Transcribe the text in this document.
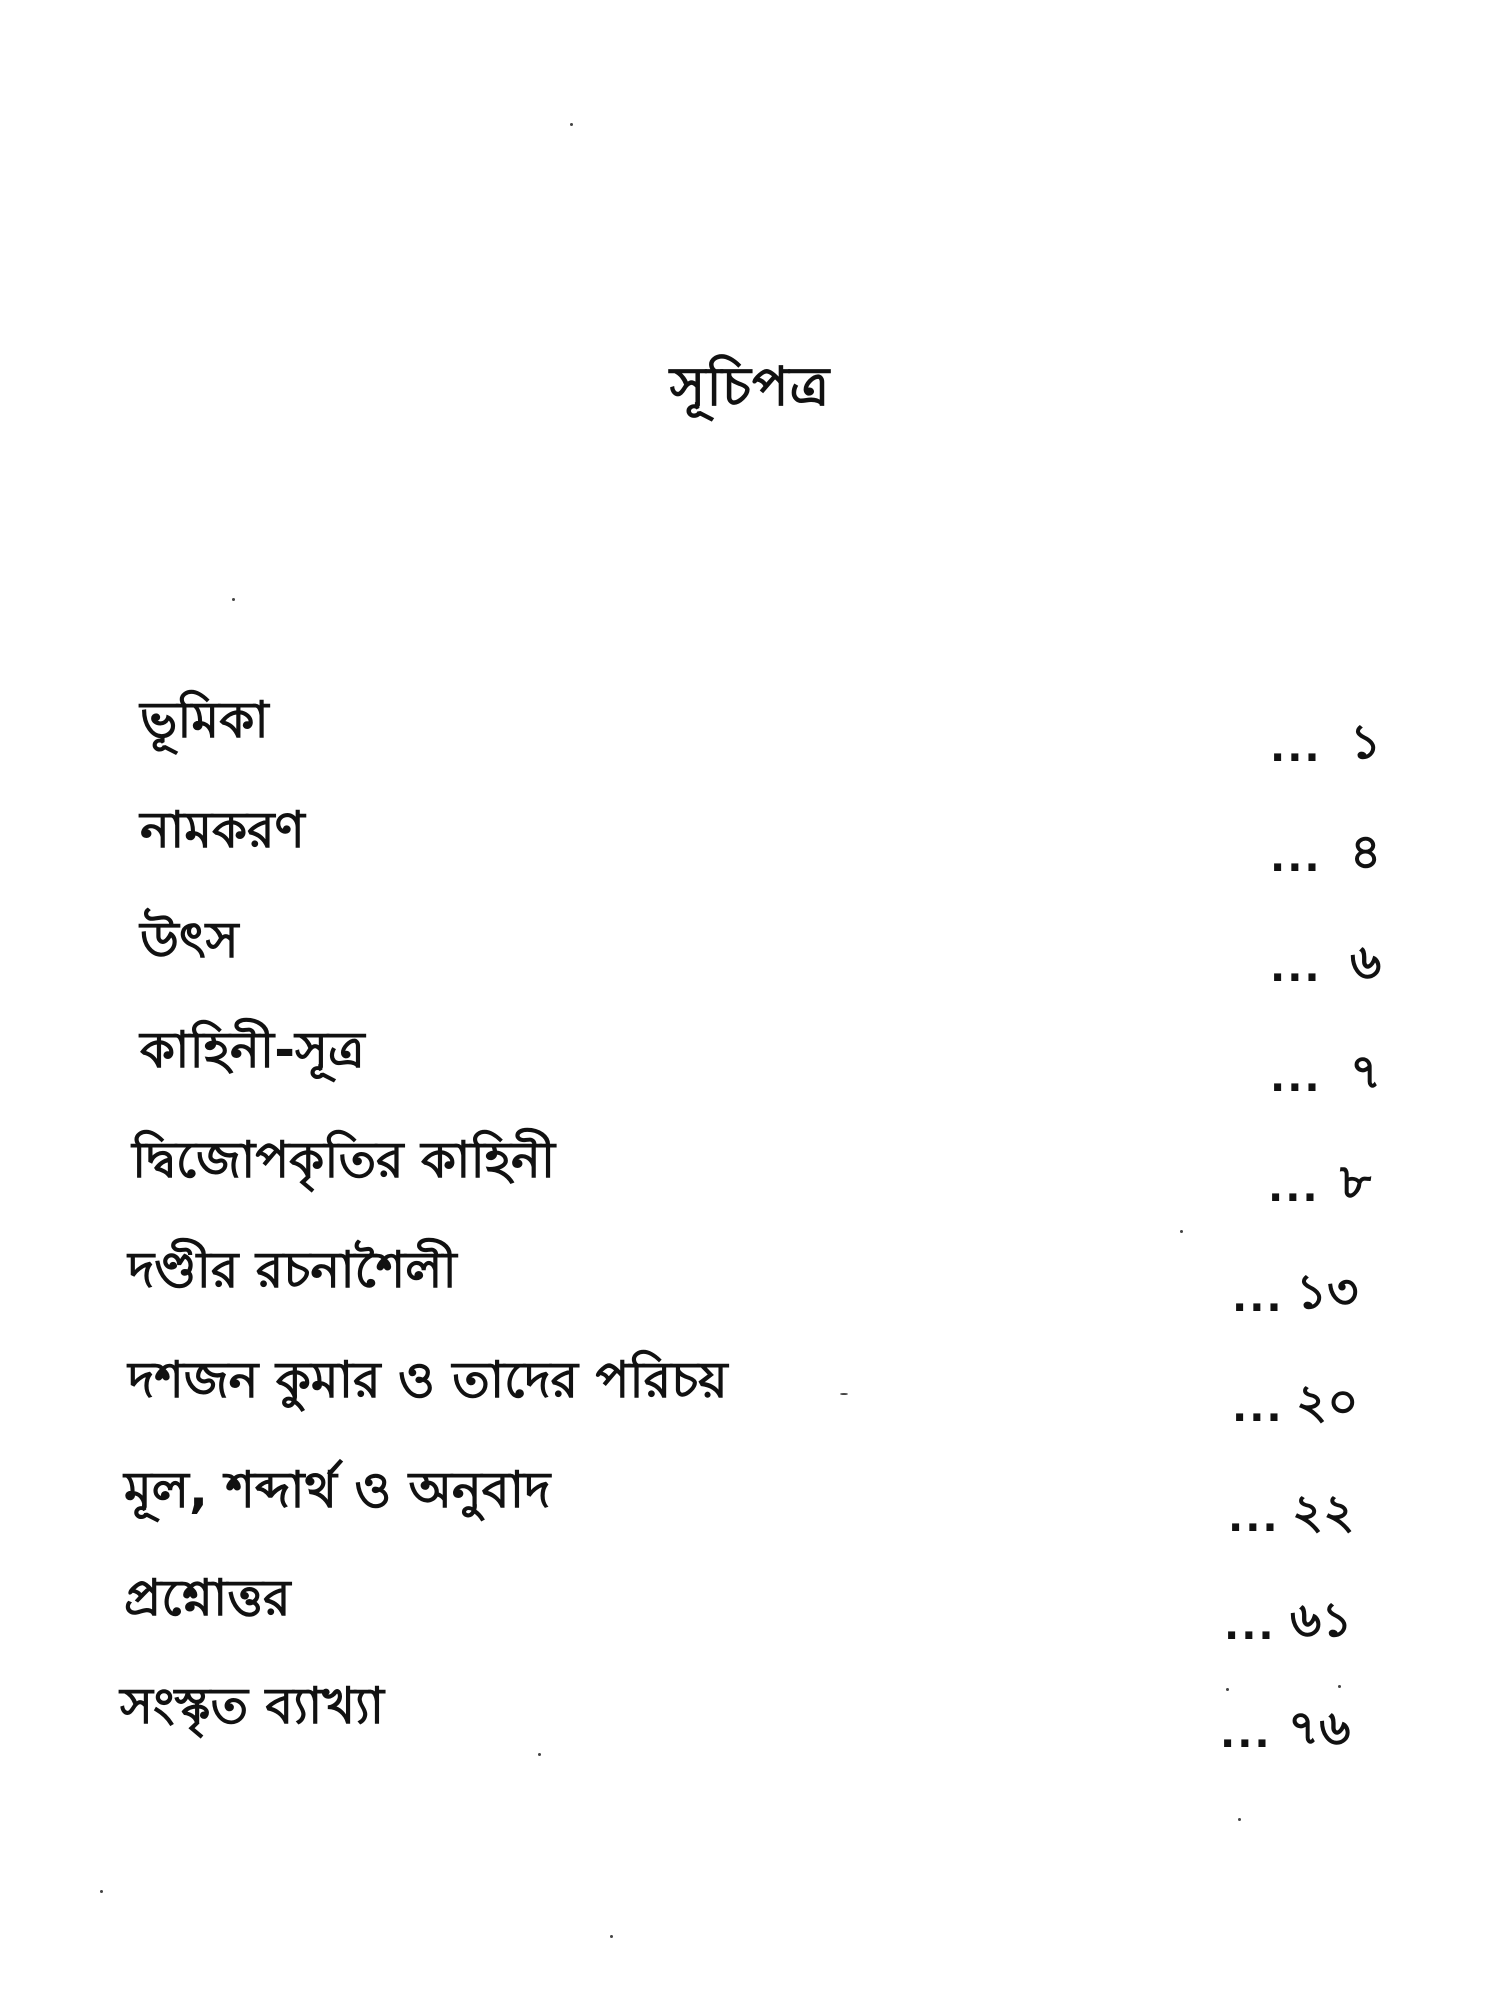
সূচিপত্র
ভূমিকা	... ১
নামকরণ	... ৪
উৎস	... ৬
কাহিনী-সূত্র	... ৭
দ্বিজোপকৃতির কাহিনী	... ৮
দণ্ডীর রচনাশৈলী	... ১৩
দশজন কুমার ও তাদের পরিচয়	... ২০
মূল, শব্দার্থ ও অনুবাদ	... ২২
প্রশ্নোত্তর	... ৬১
সংস্কৃত ব্যাখ্যা	... ৭৬
